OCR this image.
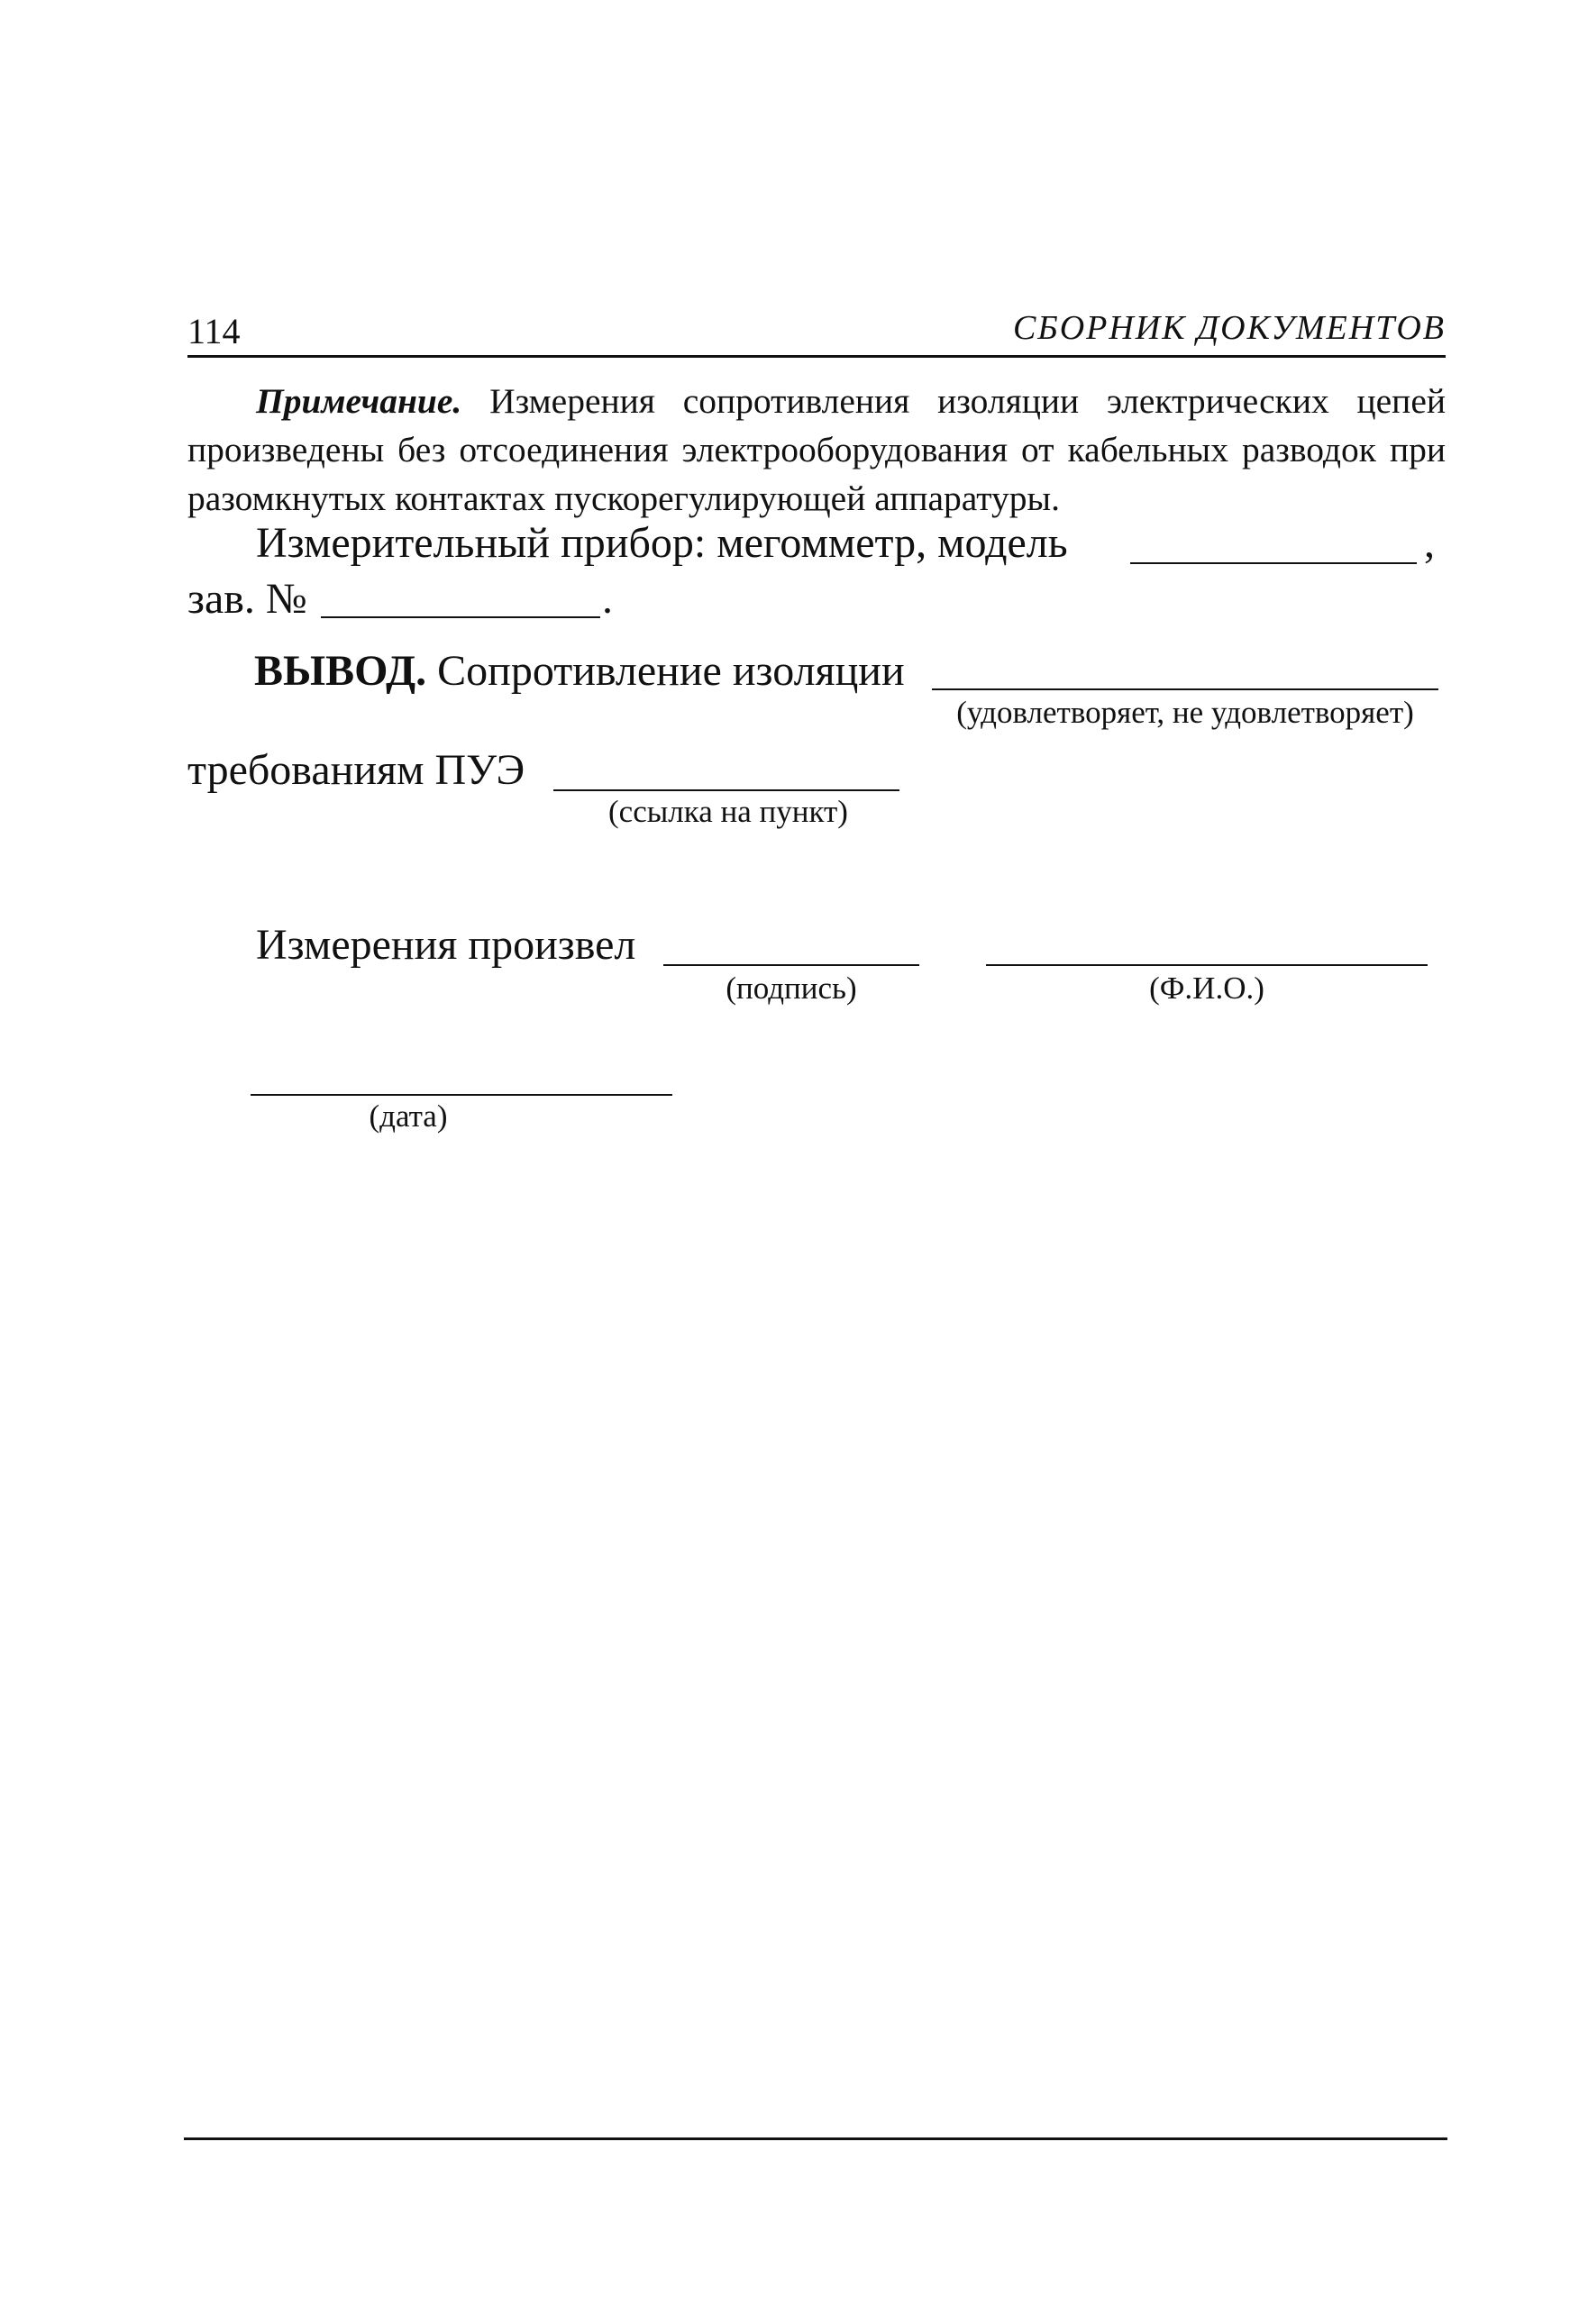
114	СБОРНИК ДОКУМЕНТОВ
Примечание. Измерения сопротивления изоляции электрических цепей произведены без отсоединения электрооборудования от кабельных разводок при разомкнутых контактах пускорегулирующей аппаратуры.
Измерительный прибор: мегомметр, модель	,
зав. №	.
ВЫВОД. Сопротивление изоляции
(удовлетворяет, не удовлетворяет)
требованиям ПУЭ
(ссылка на пункт)
Измерения произвел
(подпись)	(Ф.И.О.)
(дата)
